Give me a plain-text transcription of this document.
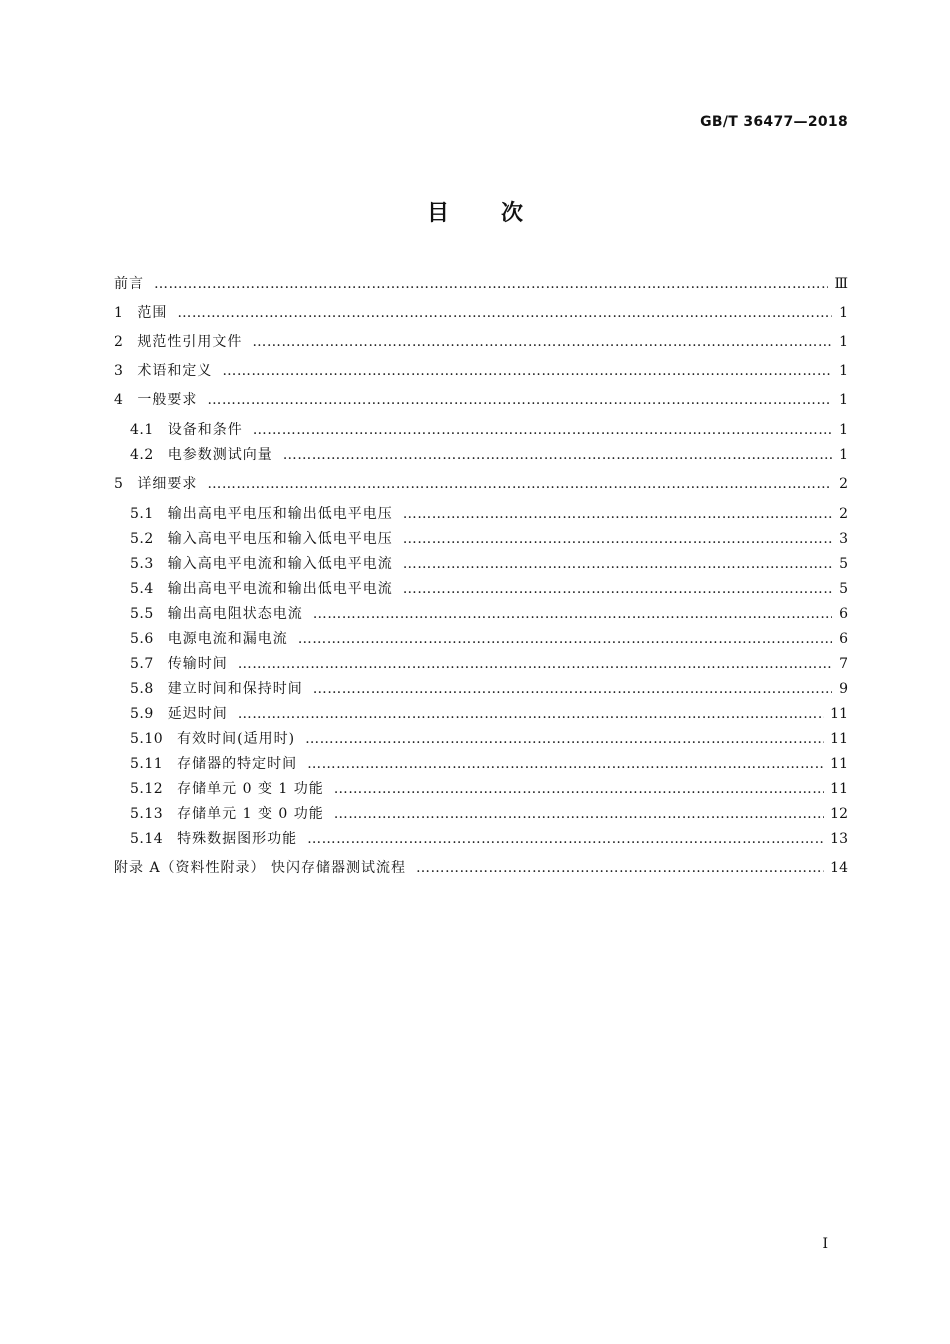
GB/T 36477—2018
目次
前言 ……………………………………………………………………………………………………………………………………………………………………………………………………………………	Ⅲ
1 范围 ……………………………………………………………………………………………………………………………………………………………………………………………………………………	1
2 规范性引用文件 ……………………………………………………………………………………………………………………………………………………………………………………………………………………	1
3 术语和定义 ……………………………………………………………………………………………………………………………………………………………………………………………………………………	1
4 一般要求 ……………………………………………………………………………………………………………………………………………………………………………………………………………………	1
4.1 设备和条件 ……………………………………………………………………………………………………………………………………………………………………………………………………………………	1
4.2 电参数测试向量 ……………………………………………………………………………………………………………………………………………………………………………………………………………………	1
5 详细要求 ……………………………………………………………………………………………………………………………………………………………………………………………………………………	2
5.1 输出高电平电压和输出低电平电压 ……………………………………………………………………………………………………………………………………………………………………………………………………………………	2
5.2 输入高电平电压和输入低电平电压 ……………………………………………………………………………………………………………………………………………………………………………………………………………………	3
5.3 输入高电平电流和输入低电平电流 ……………………………………………………………………………………………………………………………………………………………………………………………………………………	5
5.4 输出高电平电流和输出低电平电流 ……………………………………………………………………………………………………………………………………………………………………………………………………………………	5
5.5 输出高电阻状态电流 ……………………………………………………………………………………………………………………………………………………………………………………………………………………	6
5.6 电源电流和漏电流 ……………………………………………………………………………………………………………………………………………………………………………………………………………………	6
5.7 传输时间 ……………………………………………………………………………………………………………………………………………………………………………………………………………………	7
5.8 建立时间和保持时间 ……………………………………………………………………………………………………………………………………………………………………………………………………………………	9
5.9 延迟时间 ……………………………………………………………………………………………………………………………………………………………………………………………………………………	11
5.10 有效时间(适用时) ……………………………………………………………………………………………………………………………………………………………………………………………………………………	11
5.11 存储器的特定时间 ……………………………………………………………………………………………………………………………………………………………………………………………………………………	11
5.12 存储单元 0 变 1 功能 ……………………………………………………………………………………………………………………………………………………………………………………………………………………	11
5.13 存储单元 1 变 0 功能 ……………………………………………………………………………………………………………………………………………………………………………………………………………………	12
5.14 特殊数据图形功能 ……………………………………………………………………………………………………………………………………………………………………………………………………………………	13
附录 A（资料性附录） 快闪存储器测试流程 ……………………………………………………………………………………………………………………………………………………………………………………………………………………	14
I
